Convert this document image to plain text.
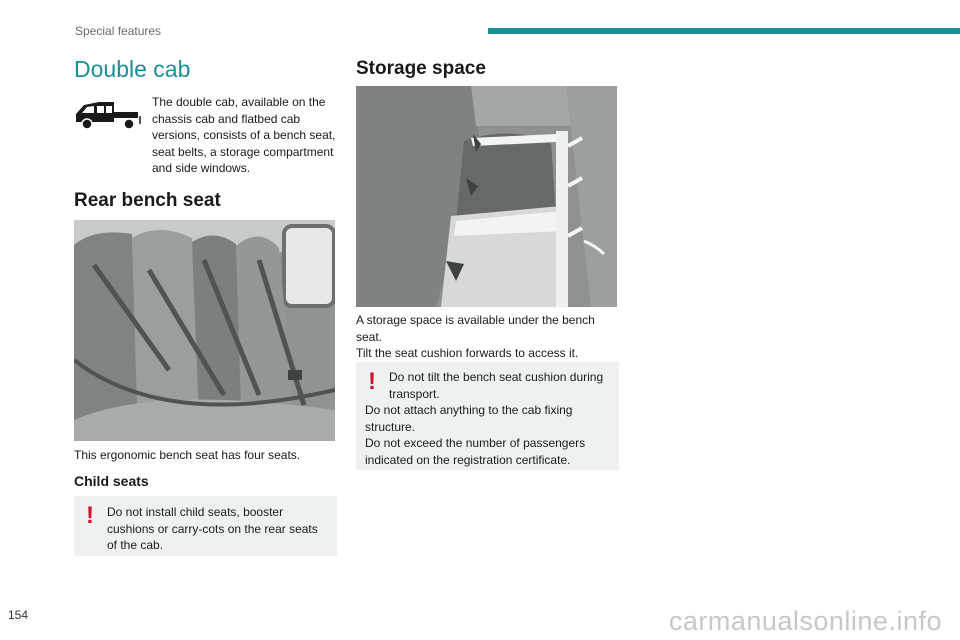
Special features
Double cab
The double cab, available on the chassis cab and flatbed cab versions, consists of a bench seat, seat belts, a storage compartment and side windows.
Rear bench seat
This ergonomic bench seat has four seats.
Child seats
!	Do not install child seats, booster cushions or carry-cots on the rear seats of the cab.

Storage space
A storage space is available under the bench seat.
Tilt the seat cushion forwards to access it.
!	Do not tilt the bench seat cushion during transport.

Do not attach anything to the cab fixing structure.

Do not exceed the number of passengers indicated on the registration certificate.

154	carmanualsonline.info
